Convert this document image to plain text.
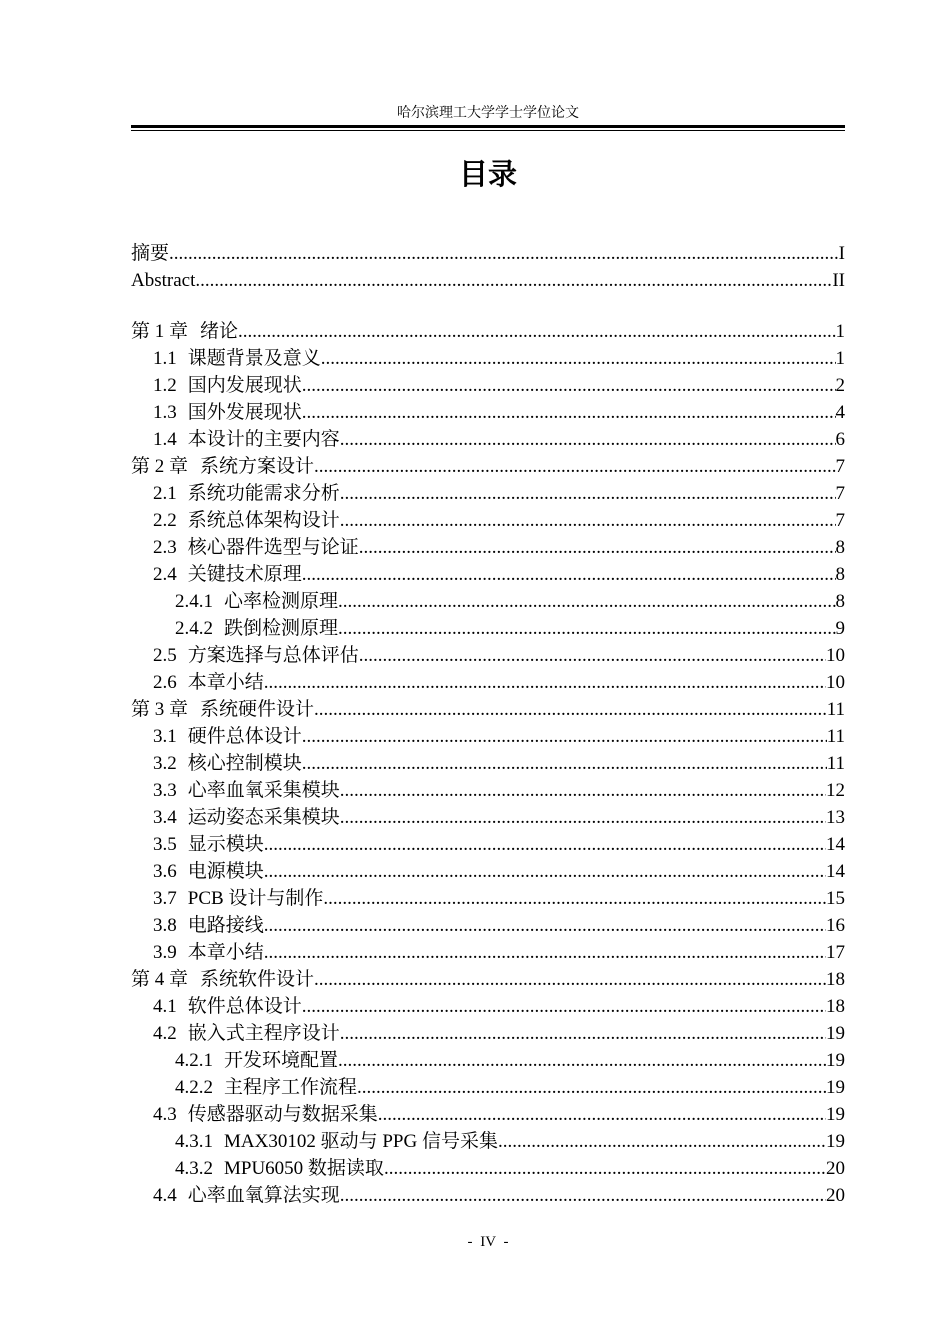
哈尔滨理工大学学士学位论文
目录
摘要 .....	I
Abstract .....	II
第 1 章 绪论 .....	1
1.1 课题背景及意义 .....	1
1.2 国内发展现状 .....	2
1.3 国外发展现状 .....	4
1.4 本设计的主要内容 .....	6
第 2 章 系统方案设计 .....	7
2.1 系统功能需求分析 .....	7
2.2 系统总体架构设计 .....	7
2.3 核心器件选型与论证 .....	8
2.4 关键技术原理 .....	8
2.4.1 心率检测原理 .....	8
2.4.2 跌倒检测原理 .....	9
2.5 方案选择与总体评估 .....	10
2.6 本章小结 .....	10
第 3 章 系统硬件设计 .....	11
3.1 硬件总体设计 .....	11
3.2 核心控制模块 .....	11
3.3 心率血氧采集模块 .....	12
3.4 运动姿态采集模块 .....	13
3.5 显示模块 .....	14
3.6 电源模块 .....	14
3.7 PCB 设计与制作 .....	15
3.8 电路接线 .....	16
3.9 本章小结 .....	17
第 4 章 系统软件设计 .....	18
4.1 软件总体设计 .....	18
4.2 嵌入式主程序设计 .....	19
4.2.1 开发环境配置 .....	19
4.2.2 主程序工作流程 .....	19
4.3 传感器驱动与数据采集 .....	19
4.3.1 MAX30102 驱动与 PPG 信号采集 .....	19
4.3.2 MPU6050 数据读取 .....	20
4.4 心率血氧算法实现 .....	20
- IV -
